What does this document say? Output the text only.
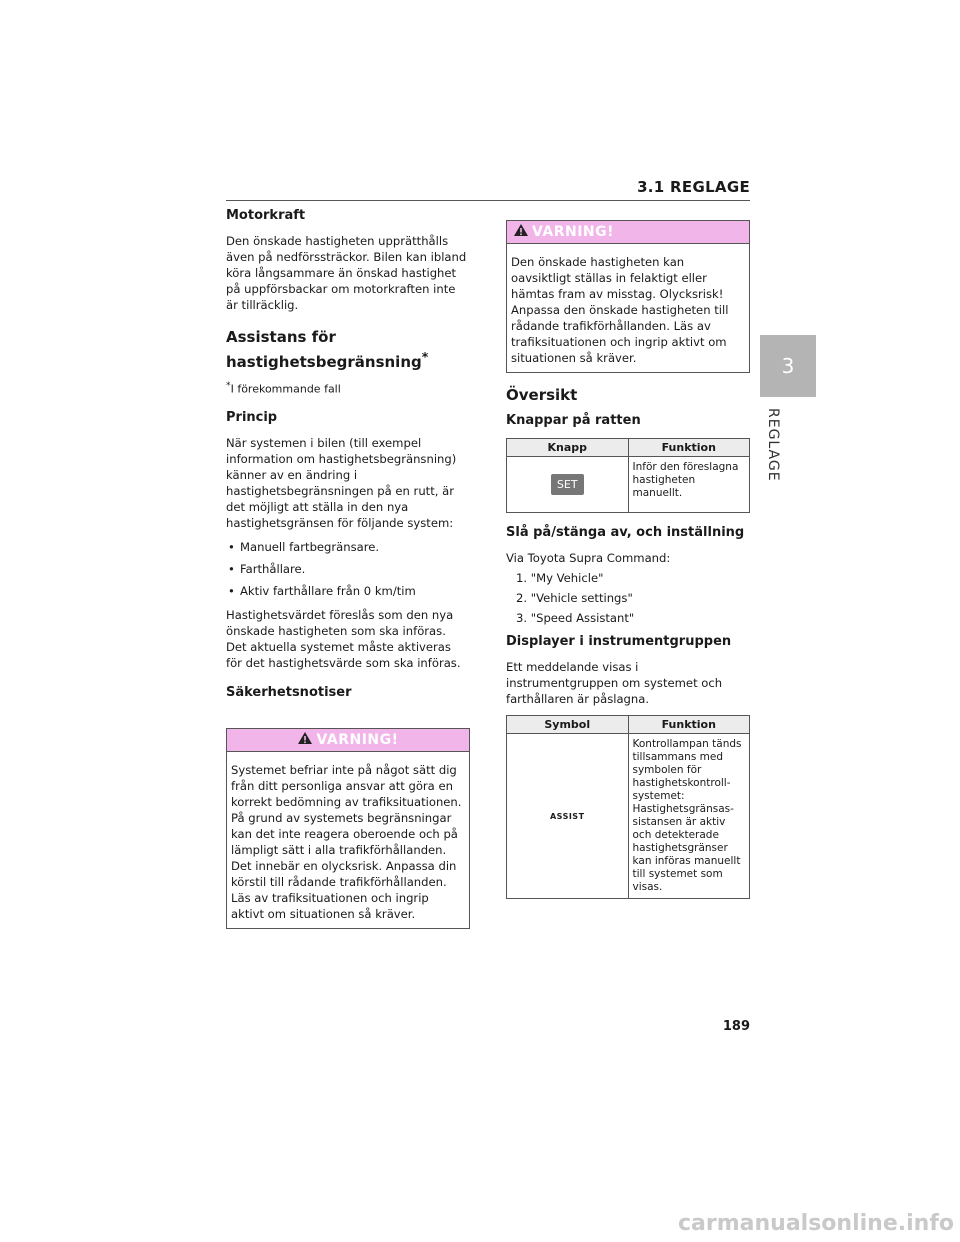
3.1 REGLAGE
3
REGLAGE
Motorkraft

Den önskade hastigheten upprätthålls även på nedförssträckor. Bilen kan ibland köra långsammare än önskad hastighet på uppförsbackar om motorkraften inte är tillräcklig.

Assistans för hastighetsbegränsning*

*I förekommande fall

Princip

När systemen i bilen (till exempel information om hastighetsbegränsning) känner av en ändring i hastighetsbegränsningen på en rutt, är det möjligt att ställa in den nya hastighetsgränsen för följande system:

• Manuell fartbegränsare.
• Farthållare.
• Aktiv farthållare från 0 km/tim

Hastighetsvärdet föreslås som den nya önskade hastigheten som ska införas. Det aktuella systemet måste aktiveras för det hastighetsvärde som ska införas.

Säkerhetsnotiser
VARNING!

Systemet befriar inte på något sätt dig från ditt personliga ansvar att göra en korrekt bedömning av trafiksituationen. På grund av systemets begränsningar kan det inte reagera oberoende och på lämpligt sätt i alla trafikförhållanden. Det innebär en olycksrisk. Anpassa din körstil till rådande trafikförhållanden. Läs av trafiksituationen och ingrip aktivt om situationen så kräver.

VARNING!

Den önskade hastigheten kan oavsiktligt ställas in felaktigt eller hämtas fram av misstag. Olycksrisk! Anpassa den önskade hastigheten till rådande trafikförhållanden. Läs av trafiksituationen och ingrip aktivt om situationen så kräver.

Översikt
Knappar på ratten
Knapp	Funktion
SET	Inför den föreslagna hastigheten manuellt.
Slå på/stänga av, och inställning

Via Toyota Supra Command:

1. "My Vehicle"
2. "Vehicle settings"
3. "Speed Assistant"
Displayer i instrumentgruppen

Ett meddelande visas i instrumentgruppen om systemet och farthållaren är påslagna.

Symbol	Funktion
ASSIST	Kontrollampan tänds tillsammans med symbolen för hastighetskontroll-systemet: Hastighetsgränsas-sistansen är aktiv och detekterade hastighetsgränser kan införas manuellt till systemet som visas.
189
carmanualsonline.info
